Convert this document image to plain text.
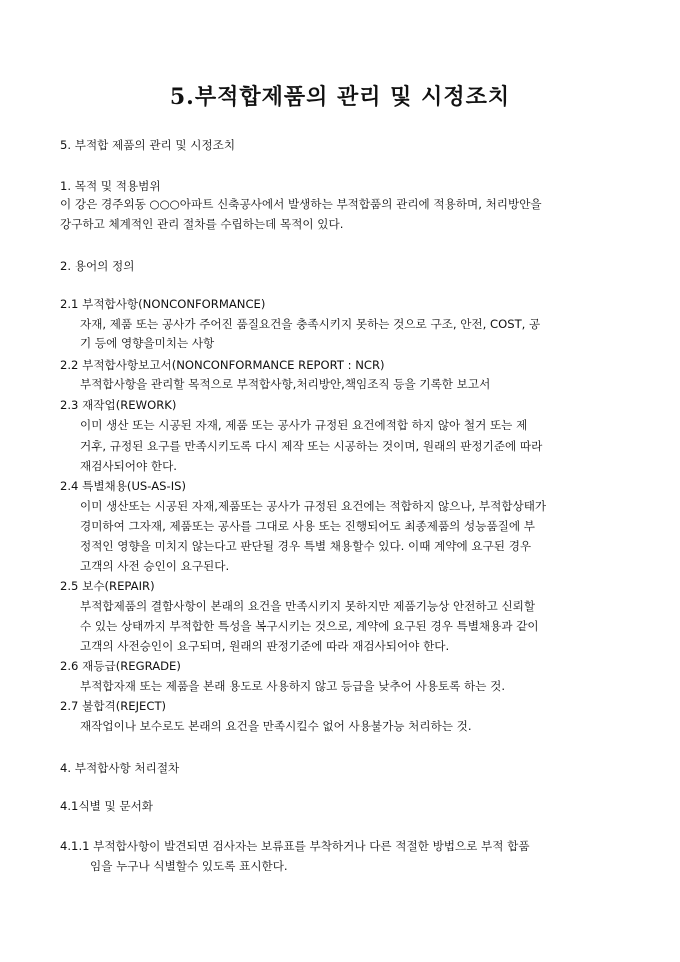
5.부적합제품의 관리 및 시정조치
5. 부적합 제품의 관리 및 시정조치
1. 목적 및 적용범위
이 강은 경주외동 ○○○아파트 신축공사에서 발생하는 부적합품의 관리에 적용하며, 처리방안을
강구하고 체계적인 관리 절차를 수립하는데 목적이 있다.
2. 용어의 정의
2.1 부적합사항(NONCONFORMANCE)
자재, 제품 또는 공사가 주어진 품질요건을 충족시키지 못하는 것으로 구조, 안전, COST, 공
기 등에 영향을미치는 사항
2.2 부적합사항보고서(NONCONFORMANCE REPORT : NCR)
부적합사항을 관리할 목적으로 부적합사항,처리방안,책임조직 등을 기록한 보고서
2.3 재작업(REWORK)
이미 생산 또는 시공된 자재, 제품 또는 공사가 규정된 요건에적합 하지 않아 철거 또는 제
거후, 규정된 요구를 만족시키도록 다시 제작 또는 시공하는 것이며, 원래의 판정기준에 따라
재검사되어야 한다.
2.4 특별채용(US-AS-IS)
이미 생산또는 시공된 자재,제품또는 공사가 규정된 요건에는 적합하지 않으나, 부적합상태가
경미하여 그자재, 제품또는 공사를 그대로 사용 또는 진행되어도 최종제품의 성능품질에 부
정적인 영향을 미치지 않는다고 판단될 경우 특별 채용할수 있다. 이때 계약에 요구된 경우
고객의 사전 승인이 요구된다.
2.5 보수(REPAIR)
부적합제품의 결함사항이 본래의 요건을 만족시키지 못하지만 제품기능상 안전하고 신뢰할
수 있는 상태까지 부적합한 특성을 복구시키는 것으로, 계약에 요구된 경우 특별채용과 같이
고객의 사전승인이 요구되며, 원래의 판정기준에 따라 재검사되어야 한다.
2.6 재등급(REGRADE)
부적합자재 또는 제품을 본래 용도로 사용하지 않고 등급을 낮추어 사용토록 하는 것.
2.7 불합격(REJECT)
재작업이나 보수로도 본래의 요건을 만족시킬수 없어 사용불가능 처리하는 것.
4. 부적합사항 처리절차
4.1식별 및 문서화
4.1.1 부적합사항이 발견되면 검사자는 보류표를 부착하거나 다른 적절한 방법으로 부적 합품
임을 누구나 식별할수 있도록 표시한다.
